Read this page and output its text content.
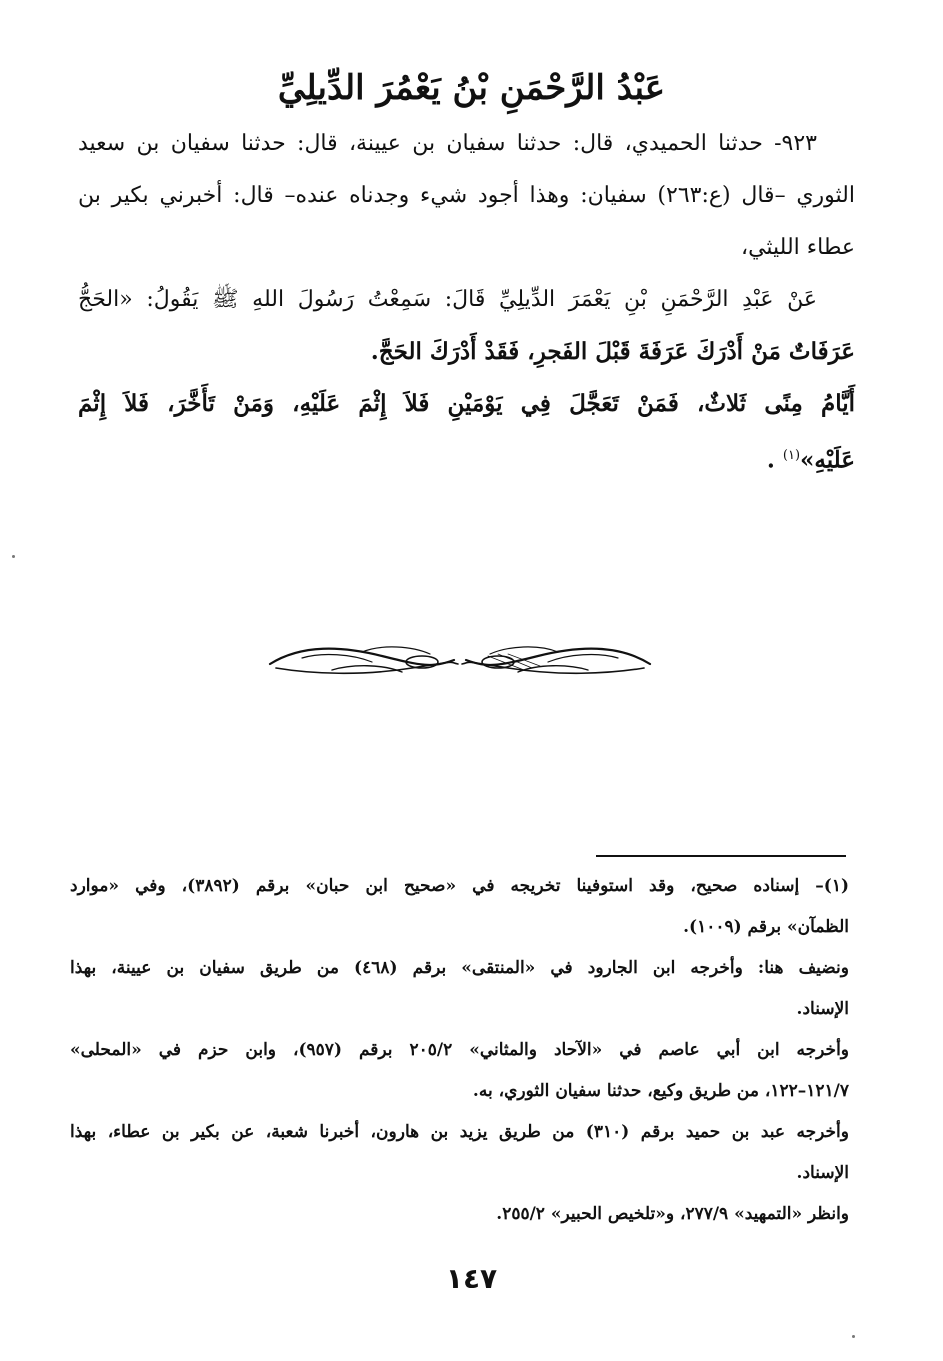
عَبْدُ الرَّحْمَنِ بْنُ يَعْمُرَ الدِّيلِيِّ
٩٢٣- حدثنا الحميدي، قال: حدثنا سفيان بن عيينة، قال: حدثنا سفيان بن سعيد
الثوري –قال (ع:٢٦٣) سفيان: وهذا أجود شيء وجدناه عنده– قال: أخبرني بكير بن
عطاء الليثي،
عَنْ عَبْدِ الرَّحْمَنِ بْنِ يَعْمَرَ الدِّيلِيِّ قَالَ: سَمِعْتُ رَسُولَ اللهِ ﷺ يَقُولُ: «الحَجُّ
عَرَفَاتٌ مَنْ أَدْرَكَ عَرَفَةَ قَبْلَ الفَجرِ، فَقَدْ أَدْرَكَ الحَجَّ.
أَيَّامُ مِنًى ثَلاثٌ، فَمَنْ تَعَجَّلَ فِي يَوْمَيْنِ فَلاَ إِثْمَ عَلَيْهِ، وَمَنْ تَأَخَّرَ، فَلاَ إِثْمَ
عَلَيْهِ»$^{(١)}$ .
(١)– إسناده صحيح، وقد استوفينا تخريجه في «صحيح ابن حبان» برقم (٣٨٩٢)، وفي «موارد
الظمآن» برقم (١٠٠٩).
ونضيف هنا: وأخرجه ابن الجارود في «المنتقى» برقم (٤٦٨) من طريق سفيان بن عيينة، بهذا
الإسناد.
وأخرجه ابن أبي عاصم في «الآحاد والمثاني» ٢٠٥/٢ برقم (٩٥٧)، وابن حزم في «المحلى»
١٢١/٧–١٢٢، من طريق وكيع، حدثنا سفيان الثوري، به.
وأخرجه عبد بن حميد برقم (٣١٠) من طريق يزيد بن هارون، أخبرنا شعبة، عن بكير بن عطاء، بهذا
الإسناد.
وانظر «التمهيد» ٢٧٧/٩، و«تلخيص الحبير» ٢٥٥/٢.
١٤٧
